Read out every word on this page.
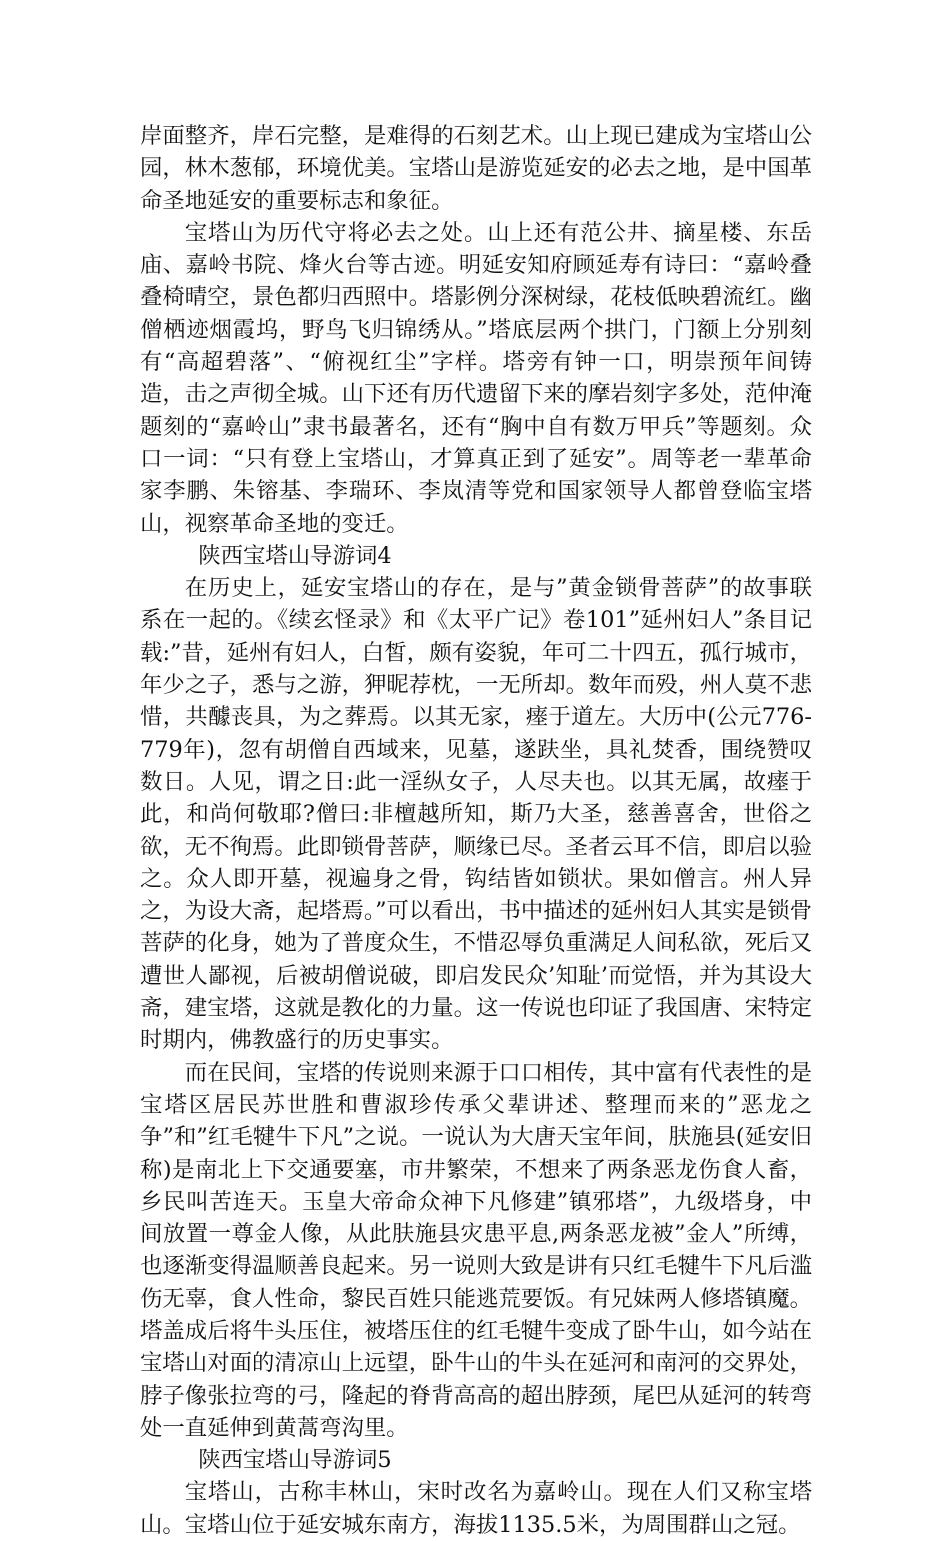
岸面整齐，岸石完整，是难得的石刻艺术。山上现已建成为宝塔山公园，林木葱郁，环境优美。宝塔山是游览延安的必去之地，是中国革命圣地延安的重要标志和象征。

宝塔山为历代守将必去之处。山上还有范公井、摘星楼、东岳庙、嘉岭书院、烽火台等古迹。明延安知府顾延寿有诗曰：“嘉岭叠叠椅晴空，景色都归西照中。塔影例分深树绿，花枝低映碧流红。幽僧栖迹烟霞坞，野鸟飞归锦绣从。”塔底层两个拱门，门额上分别刻有“高超碧落”、“俯视红尘”字样。塔旁有钟一口，明崇预年间铸造，击之声彻全城。山下还有历代遗留下来的摩岩刻字多处，范仲淹题刻的“嘉岭山”隶书最著名，还有“胸中自有数万甲兵”等题刻。众口一词：“只有登上宝塔山，才算真正到了延安”。周等老一辈革命家李鹏、朱镕基、李瑞环、李岚清等党和国家领导人都曾登临宝塔山，视察革命圣地的变迁。

陕西宝塔山导游词4

在历史上，延安宝塔山的存在，是与”黄金锁骨菩萨”的故事联系在一起的。《续玄怪录》和《太平广记》卷101”延州妇人”条目记载:”昔，延州有妇人，白皙，颇有姿貌，年可二十四五，孤行城市，年少之子，悉与之游，狎昵荐枕，一无所却。数年而殁，州人莫不悲惜，共醵丧具，为之葬焉。以其无家，瘗于道左。大历中(公元776-779年)，忽有胡僧自西域来，见墓，遂趺坐，具礼焚香，围绕赞叹数日。人见，谓之日:此一淫纵女子，人尽夫也。以其无属，故瘗于此，和尚何敬耶?僧曰:非檀越所知，斯乃大圣，慈善喜舍，世俗之欲，无不徇焉。此即锁骨菩萨，顺缘已尽。圣者云耳不信，即启以验之。众人即开墓，视遍身之骨，钩结皆如锁状。果如僧言。州人异之，为设大斋，起塔焉。”可以看出，书中描述的延州妇人其实是锁骨菩萨的化身，她为了普度众生，不惜忍辱负重满足人间私欲，死后又遭世人鄙视，后被胡僧说破，即启发民众’知耻’而觉悟，并为其设大斋，建宝塔，这就是教化的力量。这一传说也印证了我国唐、宋特定时期内，佛教盛行的历史事实。

而在民间，宝塔的传说则来源于口口相传，其中富有代表性的是宝塔区居民苏世胜和曹淑珍传承父辈讲述、整理而来的”恶龙之争”和”红毛犍牛下凡”之说。一说认为大唐天宝年间，肤施县(延安旧称)是南北上下交通要塞，市井繁荣，不想来了两条恶龙伤食人畜，乡民叫苦连天。玉皇大帝命众神下凡修建”镇邪塔”，九级塔身，中间放置一尊金人像，从此肤施县灾患平息,两条恶龙被”金人”所缚，也逐渐变得温顺善良起来。另一说则大致是讲有只红毛犍牛下凡后滥伤无辜，食人性命，黎民百姓只能逃荒要饭。有兄妹两人修塔镇魔。塔盖成后将牛头压住，被塔压住的红毛犍牛变成了卧牛山，如今站在宝塔山对面的清凉山上远望，卧牛山的牛头在延河和南河的交界处，脖子像张拉弯的弓，隆起的脊背高高的超出脖颈，尾巴从延河的转弯处一直延伸到黄蒿弯沟里。

陕西宝塔山导游词5

宝塔山，古称丰林山，宋时改名为嘉岭山。现在人们又称宝塔山。宝塔山位于延安城东南方，海拔1135.5米，为周围群山之冠。
